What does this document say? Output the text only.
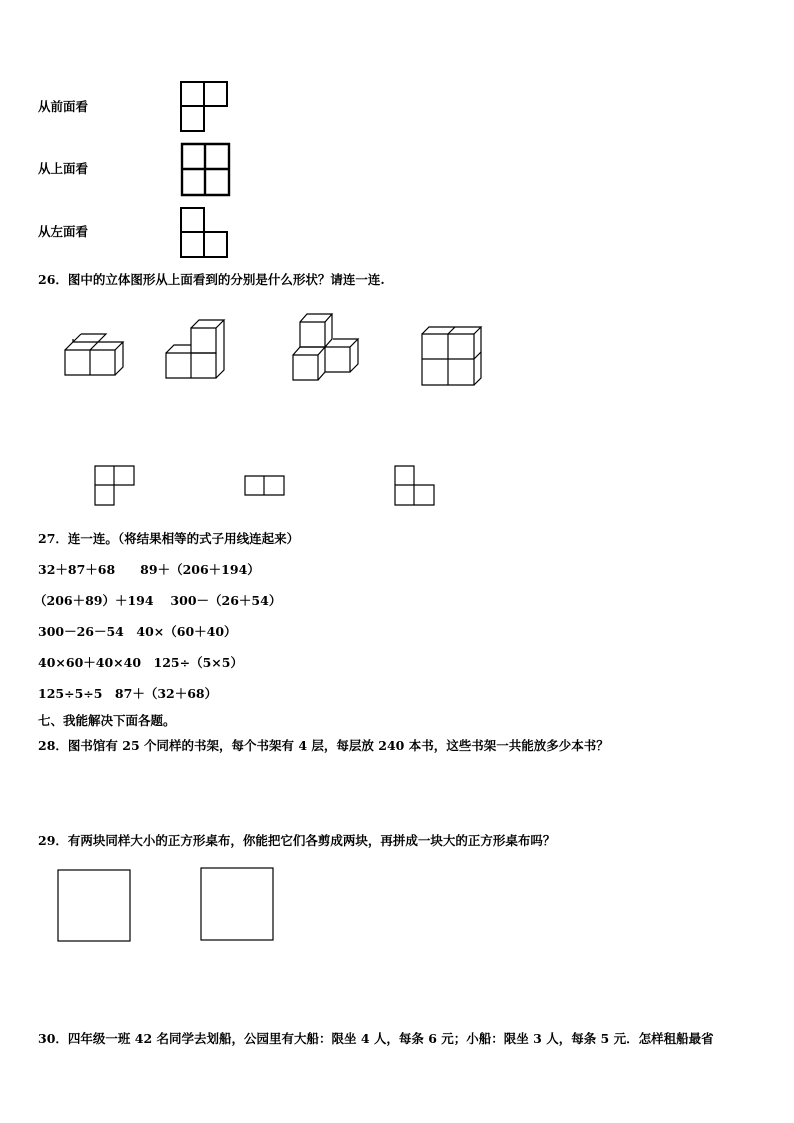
从前面看
从上面看
从左面看
26．图中的立体图形从上面看到的分别是什么形状？请连一连.
27．连一连。（将结果相等的式子用线连起来）
32＋87＋68　　89＋（206＋194）
（206＋89）＋194　 300－（26＋54）
300－26－54　40×（60＋40）
40×60＋40×40　125÷（5×5）
125÷5÷5　87＋（32＋68）
七、我能解决下面各题。
28．图书馆有 25 个同样的书架，每个书架有 4 层，每层放 240 本书，这些书架一共能放多少本书？
29．有两块同样大小的正方形桌布，你能把它们各剪成两块，再拼成一块大的正方形桌布吗？
30．四年级一班 42 名同学去划船，公园里有大船：限坐 4 人，每条 6 元；小船：限坐 3 人，每条 5 元．怎样租船最省
